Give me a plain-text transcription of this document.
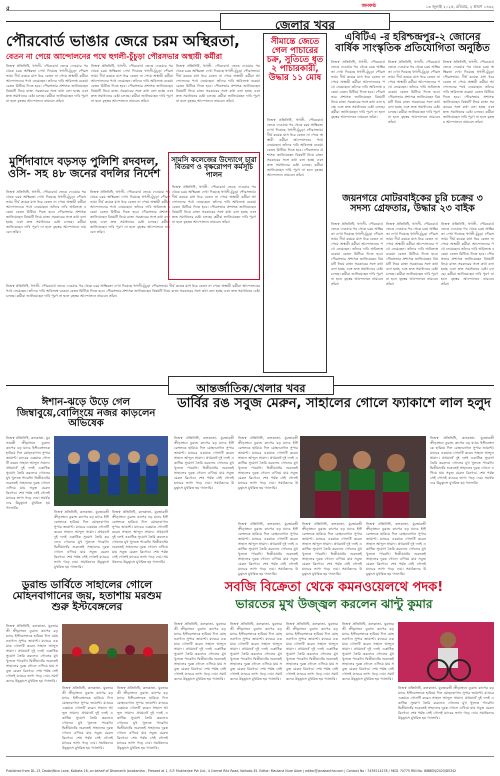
৫	জনকণ্ঠ	১৩ জুলাই ২০২৫, রবিবার, ২ শ্রাবণ ১৪৩২
জেলার খবর
পৌরবোর্ড ভাঙার জেরে চরম অস্থিরতা,
বেতন না পেয়ে আন্দোলনের পথে হুগলী-চুঁচুড়া পৌরসভার অস্থায়ী কর্মীরা
নিজস্ব প্রতিনিধি, হুগলী- পৌরবোর্ড ভেঙে দেওয়ার পর থেকে চরম অস্থিরতা দেখা দিয়েছে হুগলী-চুঁচুড়া পৌরসভায়। দীর্ঘ কয়েক মাস ধরে বেতন না পেয়ে অস্থায়ী কর্মীরা আন্দোলনের পথে নেমেছেন। তাঁদের দাবি অবিলম্বে বকেয়া বেতন মিটিয়ে দিতে হবে। পৌরসভার প্রশাসক জানিয়েছেন বিষয়টি নিয়ে রাজ্য সরকারের সঙ্গে কথা বলা হচ্ছে এবং দ্রুত সমাধানের চেষ্টা চলছে। কর্মীরা জানিয়েছেন দাবি পূরণ না হলে বৃহত্তর আন্দোলনে নামবেন তাঁরা।
নিজস্ব প্রতিনিধি, হুগলী- পৌরবোর্ড ভেঙে দেওয়ার পর থেকে চরম অস্থিরতা দেখা দিয়েছে হুগলী-চুঁচুড়া পৌরসভায়। দীর্ঘ কয়েক মাস ধরে বেতন না পেয়ে অস্থায়ী কর্মীরা আন্দোলনের পথে নেমেছেন। তাঁদের দাবি অবিলম্বে বকেয়া বেতন মিটিয়ে দিতে হবে। পৌরসভার প্রশাসক জানিয়েছেন বিষয়টি নিয়ে রাজ্য সরকারের সঙ্গে কথা বলা হচ্ছে এবং দ্রুত সমাধানের চেষ্টা চলছে। কর্মীরা জানিয়েছেন দাবি পূরণ না হলে বৃহত্তর আন্দোলনে নামবেন তাঁরা।
নিজস্ব প্রতিনিধি, হুগলী- পৌরবোর্ড ভেঙে দেওয়ার পর থেকে চরম অস্থিরতা দেখা দিয়েছে হুগলী-চুঁচুড়া পৌরসভায়। দীর্ঘ কয়েক মাস ধরে বেতন না পেয়ে অস্থায়ী কর্মীরা আন্দোলনের পথে নেমেছেন। তাঁদের দাবি অবিলম্বে বকেয়া বেতন মিটিয়ে দিতে হবে। পৌরসভার প্রশাসক জানিয়েছেন বিষয়টি নিয়ে রাজ্য সরকারের সঙ্গে কথা বলা হচ্ছে এবং দ্রুত সমাধানের চেষ্টা চলছে। কর্মীরা জানিয়েছেন দাবি পূরণ না হলে বৃহত্তর আন্দোলনে নামবেন তাঁরা।
সীমান্তে জেতে গেল পাচারের চক্র, সুতিতে ধৃত ২ পাচারকারী, উদ্ধার ১১ মোষ
নিজস্ব প্রতিনিধি, হুগলী- পৌরবোর্ড ভেঙে দেওয়ার পর থেকে চরম অস্থিরতা দেখা দিয়েছে হুগলী-চুঁচুড়া পৌরসভায়। দীর্ঘ কয়েক মাস ধরে বেতন না পেয়ে অস্থায়ী কর্মীরা আন্দোলনের পথে নেমেছেন। তাঁদের দাবি অবিলম্বে বকেয়া বেতন মিটিয়ে দিতে হবে। পৌরসভার প্রশাসক জানিয়েছেন বিষয়টি নিয়ে রাজ্য সরকারের সঙ্গে কথা বলা হচ্ছে এবং দ্রুত সমাধানের চেষ্টা চলছে। কর্মীরা জানিয়েছেন দাবি পূরণ না হলে বৃহত্তর আন্দোলনে নামবেন তাঁরা।
এবিটিএ -র হরিশ্চন্দ্রপুর-২ জোনের বার্ষিক সাংস্কৃতিক প্রতিযোগিতা অনুষ্ঠিত
নিজস্ব প্রতিনিধি, হুগলী- পৌরবোর্ড ভেঙে দেওয়ার পর থেকে চরম অস্থিরতা দেখা দিয়েছে হুগলী-চুঁচুড়া পৌরসভায়। দীর্ঘ কয়েক মাস ধরে বেতন না পেয়ে অস্থায়ী কর্মীরা আন্দোলনের পথে নেমেছেন। তাঁদের দাবি অবিলম্বে বকেয়া বেতন মিটিয়ে দিতে হবে। পৌরসভার প্রশাসক জানিয়েছেন বিষয়টি নিয়ে রাজ্য সরকারের সঙ্গে কথা বলা হচ্ছে এবং দ্রুত সমাধানের চেষ্টা চলছে। কর্মীরা জানিয়েছেন দাবি পূরণ না হলে বৃহত্তর আন্দোলনে নামবেন তাঁরা।
নিজস্ব প্রতিনিধি, হুগলী- পৌরবোর্ড ভেঙে দেওয়ার পর থেকে চরম অস্থিরতা দেখা দিয়েছে হুগলী-চুঁচুড়া পৌরসভায়। দীর্ঘ কয়েক মাস ধরে বেতন না পেয়ে অস্থায়ী কর্মীরা আন্দোলনের পথে নেমেছেন। তাঁদের দাবি অবিলম্বে বকেয়া বেতন মিটিয়ে দিতে হবে। পৌরসভার প্রশাসক জানিয়েছেন বিষয়টি নিয়ে রাজ্য সরকারের সঙ্গে কথা বলা হচ্ছে এবং দ্রুত সমাধানের চেষ্টা চলছে। কর্মীরা জানিয়েছেন দাবি পূরণ না হলে বৃহত্তর আন্দোলনে নামবেন তাঁরা।
নিজস্ব প্রতিনিধি, হুগলী- পৌরবোর্ড ভেঙে দেওয়ার পর থেকে চরম অস্থিরতা দেখা দিয়েছে হুগলী-চুঁচুড়া পৌরসভায়। দীর্ঘ কয়েক মাস ধরে বেতন না পেয়ে অস্থায়ী কর্মীরা আন্দোলনের পথে নেমেছেন। তাঁদের দাবি অবিলম্বে বকেয়া বেতন মিটিয়ে দিতে হবে। পৌরসভার প্রশাসক জানিয়েছেন বিষয়টি নিয়ে রাজ্য সরকারের সঙ্গে কথা বলা হচ্ছে এবং দ্রুত সমাধানের চেষ্টা চলছে। কর্মীরা জানিয়েছেন দাবি পূরণ না হলে বৃহত্তর আন্দোলনে নামবেন তাঁরা।
মুর্শিদাবাদে বড়সড় পুলিশি রদবদল, ওসি- সহ ৪৮ জনের বদলির নির্দেশ
নিজস্ব প্রতিনিধি, হুগলী- পৌরবোর্ড ভেঙে দেওয়ার পর থেকে চরম অস্থিরতা দেখা দিয়েছে হুগলী-চুঁচুড়া পৌরসভায়। দীর্ঘ কয়েক মাস ধরে বেতন না পেয়ে অস্থায়ী কর্মীরা আন্দোলনের পথে নেমেছেন। তাঁদের দাবি অবিলম্বে বকেয়া বেতন মিটিয়ে দিতে হবে। পৌরসভার প্রশাসক জানিয়েছেন বিষয়টি নিয়ে রাজ্য সরকারের সঙ্গে কথা বলা হচ্ছে এবং দ্রুত সমাধানের চেষ্টা চলছে। কর্মীরা জানিয়েছেন দাবি পূরণ না হলে বৃহত্তর আন্দোলনে নামবেন তাঁরা।
নিজস্ব প্রতিনিধি, হুগলী- পৌরবোর্ড ভেঙে দেওয়ার পর থেকে চরম অস্থিরতা দেখা দিয়েছে হুগলী-চুঁচুড়া পৌরসভায়। দীর্ঘ কয়েক মাস ধরে বেতন না পেয়ে অস্থায়ী কর্মীরা আন্দোলনের পথে নেমেছেন। তাঁদের দাবি অবিলম্বে বকেয়া বেতন মিটিয়ে দিতে হবে। পৌরসভার প্রশাসক জানিয়েছেন বিষয়টি নিয়ে রাজ্য সরকারের সঙ্গে কথা বলা হচ্ছে এবং দ্রুত সমাধানের চেষ্টা চলছে। কর্মীরা জানিয়েছেন দাবি পূরণ না হলে বৃহত্তর আন্দোলনে নামবেন তাঁরা।
সামসি কলেজের উদ্যোগে চারা বিতরণ ও বৃক্ষরোপণ কর্মসূচি পালন
নিজস্ব প্রতিনিধি, হুগলী- পৌরবোর্ড ভেঙে দেওয়ার পর থেকে চরম অস্থিরতা দেখা দিয়েছে হুগলী-চুঁচুড়া পৌরসভায়। দীর্ঘ কয়েক মাস ধরে বেতন না পেয়ে অস্থায়ী কর্মীরা আন্দোলনের পথে নেমেছেন। তাঁদের দাবি অবিলম্বে বকেয়া বেতন মিটিয়ে দিতে হবে। পৌরসভার প্রশাসক জানিয়েছেন বিষয়টি নিয়ে রাজ্য সরকারের সঙ্গে কথা বলা হচ্ছে এবং দ্রুত সমাধানের চেষ্টা চলছে। কর্মীরা জানিয়েছেন দাবি পূরণ না হলে বৃহত্তর আন্দোলনে নামবেন তাঁরা।
জয়নগরে মোটরবাইকের চুরি চক্রের ৩ সদস্য গ্রেফতার, উদ্ধার ২৩ বাইক
নিজস্ব প্রতিনিধি, হুগলী- পৌরবোর্ড ভেঙে দেওয়ার পর থেকে চরম অস্থিরতা দেখা দিয়েছে হুগলী-চুঁচুড়া পৌরসভায়। দীর্ঘ কয়েক মাস ধরে বেতন না পেয়ে অস্থায়ী কর্মীরা আন্দোলনের পথে নেমেছেন। তাঁদের দাবি অবিলম্বে বকেয়া বেতন মিটিয়ে দিতে হবে। পৌরসভার প্রশাসক জানিয়েছেন বিষয়টি নিয়ে রাজ্য সরকারের সঙ্গে কথা বলা হচ্ছে এবং দ্রুত সমাধানের চেষ্টা চলছে। কর্মীরা জানিয়েছেন দাবি পূরণ না হলে বৃহত্তর আন্দোলনে নামবেন তাঁরা।
নিজস্ব প্রতিনিধি, হুগলী- পৌরবোর্ড ভেঙে দেওয়ার পর থেকে চরম অস্থিরতা দেখা দিয়েছে হুগলী-চুঁচুড়া পৌরসভায়। দীর্ঘ কয়েক মাস ধরে বেতন না পেয়ে অস্থায়ী কর্মীরা আন্দোলনের পথে নেমেছেন। তাঁদের দাবি অবিলম্বে বকেয়া বেতন মিটিয়ে দিতে হবে। পৌরসভার প্রশাসক জানিয়েছেন বিষয়টি নিয়ে রাজ্য সরকারের সঙ্গে কথা বলা হচ্ছে এবং দ্রুত সমাধানের চেষ্টা চলছে। কর্মীরা জানিয়েছেন দাবি পূরণ না হলে বৃহত্তর আন্দোলনে নামবেন তাঁরা।
নিজস্ব প্রতিনিধি, হুগলী- পৌরবোর্ড ভেঙে দেওয়ার পর থেকে চরম অস্থিরতা দেখা দিয়েছে হুগলী-চুঁচুড়া পৌরসভায়। দীর্ঘ কয়েক মাস ধরে বেতন না পেয়ে অস্থায়ী কর্মীরা আন্দোলনের পথে নেমেছেন। তাঁদের দাবি অবিলম্বে বকেয়া বেতন মিটিয়ে দিতে হবে। পৌরসভার প্রশাসক জানিয়েছেন বিষয়টি নিয়ে রাজ্য সরকারের সঙ্গে কথা বলা হচ্ছে এবং দ্রুত সমাধানের চেষ্টা চলছে। কর্মীরা জানিয়েছেন দাবি পূরণ না হলে বৃহত্তর আন্দোলনে নামবেন তাঁরা।
নিজস্ব প্রতিনিধি, হুগলী- পৌরবোর্ড ভেঙে দেওয়ার পর থেকে চরম অস্থিরতা দেখা দিয়েছে হুগলী-চুঁচুড়া পৌরসভায়। দীর্ঘ কয়েক মাস ধরে বেতন না পেয়ে অস্থায়ী কর্মীরা আন্দোলনের পথে নেমেছেন। তাঁদের দাবি অবিলম্বে বকেয়া বেতন মিটিয়ে দিতে হবে। পৌরসভার প্রশাসক জানিয়েছেন বিষয়টি নিয়ে রাজ্য সরকারের সঙ্গে কথা বলা হচ্ছে এবং দ্রুত সমাধানের চেষ্টা চলছে। কর্মীরা জানিয়েছেন দাবি পূরণ না হলে বৃহত্তর আন্দোলনে নামবেন তাঁরা।
আন্তর্জাতিক/খেলার খবর
ঈশান-ঝড়ে উড়ে গেল জিম্বাবুয়ে,বোলিংয়ে নজর কাড়লেন অভিষেক
নিজস্ব প্রতিনিধি, কলকাতা- যুবভারতী ক্রীড়াঙ্গনে ডুরান্ড কাপের বড় ম্যাচে ইস্টবেঙ্গলকে হারিয়ে দিল মোহনবাগান সুপার জায়ান্ট। ম্যাচের একমাত্র গোলটি করেন সাহাল আব্দুল সামাদ। প্রথমার্ধে দুই দলই একাধিক সুযোগ তৈরি করলেও গোলের মুখ খুলতে পারেনি। দ্বিতীয়ার্ধের শুরুতেই সাহালের দুরন্ত গোলে এগিয়ে যায় সবুজ মেরুন ব্রিগেড। শেষ পর্যন্ত সেই গোলই ম্যাচের ভাগ্য গড়ে দেয়। সমর্থকদের উচ্ছ্বাসে মুখরিত হয় গ্যালারি।
নিজস্ব প্রতিনিধি, কলকাতা- যুবভারতী ক্রীড়াঙ্গনে ডুরান্ড কাপের বড় ম্যাচে ইস্টবেঙ্গলকে হারিয়ে দিল মোহনবাগান সুপার জায়ান্ট। ম্যাচের একমাত্র গোলটি করেন সাহাল আব্দুল সামাদ। প্রথমার্ধে দুই দলই একাধিক সুযোগ তৈরি করলেও গোলের মুখ খুলতে পারেনি। দ্বিতীয়ার্ধের শুরুতেই সাহালের দুরন্ত গোলে এগিয়ে যায় সবুজ মেরুন ব্রিগেড। শেষ পর্যন্ত সেই গোলই ম্যাচের ভাগ্য গড়ে দেয়। সমর্থকদের উচ্ছ্বাসে মুখরিত হয় গ্যালারি।
নিজস্ব প্রতিনিধি, কলকাতা- যুবভারতী ক্রীড়াঙ্গনে ডুরান্ড কাপের বড় ম্যাচে ইস্টবেঙ্গলকে হারিয়ে দিল মোহনবাগান সুপার জায়ান্ট। ম্যাচের একমাত্র গোলটি করেন সাহাল আব্দুল সামাদ। প্রথমার্ধে দুই দলই একাধিক সুযোগ তৈরি করলেও গোলের মুখ খুলতে পারেনি। দ্বিতীয়ার্ধের শুরুতেই সাহালের দুরন্ত গোলে এগিয়ে যায় সবুজ মেরুন ব্রিগেড। শেষ পর্যন্ত সেই গোলই ম্যাচের ভাগ্য গড়ে দেয়। সমর্থকদের উচ্ছ্বাসে মুখরিত হয় গ্যালারি।
ডার্বির রঙ সবুজ মেরুন, সাহালের গোলে ফ্যাকাশে লাল হলুদ
নিজস্ব প্রতিনিধি, কলকাতা- যুবভারতী ক্রীড়াঙ্গনে ডুরান্ড কাপের বড় ম্যাচে ইস্টবেঙ্গলকে হারিয়ে দিল মোহনবাগান সুপার জায়ান্ট। ম্যাচের একমাত্র গোলটি করেন সাহাল আব্দুল সামাদ। প্রথমার্ধে দুই দলই একাধিক সুযোগ তৈরি করলেও গোলের মুখ খুলতে পারেনি। দ্বিতীয়ার্ধের শুরুতেই সাহালের দুরন্ত গোলে এগিয়ে যায় সবুজ মেরুন ব্রিগেড। শেষ পর্যন্ত সেই গোলই ম্যাচের ভাগ্য গড়ে দেয়। সমর্থকদের উচ্ছ্বাসে মুখরিত হয় গ্যালারি।
নিজস্ব প্রতিনিধি, কলকাতা- যুবভারতী ক্রীড়াঙ্গনে ডুরান্ড কাপের বড় ম্যাচে ইস্টবেঙ্গলকে হারিয়ে দিল মোহনবাগান সুপার জায়ান্ট। ম্যাচের একমাত্র গোলটি করেন সাহাল আব্দুল সামাদ। প্রথমার্ধে দুই দলই একাধিক সুযোগ তৈরি করলেও গোলের মুখ খুলতে পারেনি। দ্বিতীয়ার্ধের শুরুতেই সাহালের দুরন্ত গোলে এগিয়ে যায় সবুজ মেরুন ব্রিগেড। শেষ পর্যন্ত সেই গোলই ম্যাচের ভাগ্য গড়ে দেয়। সমর্থকদের উচ্ছ্বাসে মুখরিত হয় গ্যালারি।
নিজস্ব প্রতিনিধি, কলকাতা- যুবভারতী ক্রীড়াঙ্গনে ডুরান্ড কাপের বড় ম্যাচে ইস্টবেঙ্গলকে হারিয়ে দিল মোহনবাগান সুপার জায়ান্ট। ম্যাচের একমাত্র গোলটি করেন সাহাল আব্দুল সামাদ। প্রথমার্ধে দুই দলই একাধিক সুযোগ তৈরি করলেও গোলের মুখ খুলতে পারেনি। দ্বিতীয়ার্ধের শুরুতেই সাহালের দুরন্ত গোলে এগিয়ে যায় সবুজ মেরুন ব্রিগেড। শেষ পর্যন্ত সেই গোলই ম্যাচের ভাগ্য গড়ে দেয়। সমর্থকদের উচ্ছ্বাসে মুখরিত হয় গ্যালারি।
নিজস্ব প্রতিনিধি, কলকাতা- যুবভারতী ক্রীড়াঙ্গনে ডুরান্ড কাপের বড় ম্যাচে ইস্টবেঙ্গলকে হারিয়ে দিল মোহনবাগান সুপার জায়ান্ট। ম্যাচের একমাত্র গোলটি করেন সাহাল আব্দুল সামাদ। প্রথমার্ধে দুই দলই একাধিক সুযোগ তৈরি করলেও গোলের মুখ খুলতে পারেনি। দ্বিতীয়ার্ধের শুরুতেই সাহালের দুরন্ত গোলে এগিয়ে যায় সবুজ মেরুন ব্রিগেড। শেষ পর্যন্ত সেই গোলই ম্যাচের ভাগ্য গড়ে দেয়। সমর্থকদের উচ্ছ্বাসে মুখরিত হয় গ্যালারি।
নিজস্ব প্রতিনিধি, কলকাতা- যুবভারতী ক্রীড়াঙ্গনে ডুরান্ড কাপের বড় ম্যাচে ইস্টবেঙ্গলকে হারিয়ে দিল মোহনবাগান সুপার জায়ান্ট। ম্যাচের একমাত্র গোলটি করেন সাহাল আব্দুল সামাদ। প্রথমার্ধে দুই দলই একাধিক সুযোগ তৈরি করলেও গোলের মুখ খুলতে পারেনি। দ্বিতীয়ার্ধের শুরুতেই সাহালের দুরন্ত গোলে এগিয়ে যায় সবুজ মেরুন ব্রিগেড। শেষ পর্যন্ত সেই গোলই ম্যাচের ভাগ্য গড়ে দেয়। সমর্থকদের উচ্ছ্বাসে মুখরিত হয় গ্যালারি।
নিজস্ব প্রতিনিধি, কলকাতা- যুবভারতী ক্রীড়াঙ্গনে ডুরান্ড কাপের বড় ম্যাচে ইস্টবেঙ্গলকে হারিয়ে দিল মোহনবাগান সুপার জায়ান্ট। ম্যাচের একমাত্র গোলটি করেন সাহাল আব্দুল সামাদ। প্রথমার্ধে দুই দলই একাধিক সুযোগ তৈরি করলেও গোলের মুখ খুলতে পারেনি। দ্বিতীয়ার্ধের শুরুতেই সাহালের দুরন্ত গোলে এগিয়ে যায় সবুজ মেরুন ব্রিগেড। শেষ পর্যন্ত সেই গোলই ম্যাচের ভাগ্য গড়ে দেয়। সমর্থকদের উচ্ছ্বাসে মুখরিত হয় গ্যালারি।
ডুরান্ড ডার্বিতে সাহালের গোলে মোহনবাগানের জয়, হতাশায় মরশুম শুরু ইস্টবেঙ্গলের
নিজস্ব প্রতিনিধি, কলকাতা- যুবভারতী ক্রীড়াঙ্গনে ডুরান্ড কাপের বড় ম্যাচে ইস্টবেঙ্গলকে হারিয়ে দিল মোহনবাগান সুপার জায়ান্ট। ম্যাচের একমাত্র গোলটি করেন সাহাল আব্দুল সামাদ। প্রথমার্ধে দুই দলই একাধিক সুযোগ তৈরি করলেও গোলের মুখ খুলতে পারেনি। দ্বিতীয়ার্ধের শুরুতেই সাহালের দুরন্ত গোলে এগিয়ে যায় সবুজ মেরুন ব্রিগেড। শেষ পর্যন্ত সেই গোলই ম্যাচের ভাগ্য গড়ে দেয়। সমর্থকদের উচ্ছ্বাসে মুখরিত হয় গ্যালারি।
নিজস্ব প্রতিনিধি, কলকাতা- যুবভারতী ক্রীড়াঙ্গনে ডুরান্ড কাপের বড় ম্যাচে ইস্টবেঙ্গলকে হারিয়ে দিল মোহনবাগান সুপার জায়ান্ট। ম্যাচের একমাত্র গোলটি করেন সাহাল আব্দুল সামাদ। প্রথমার্ধে দুই দলই একাধিক সুযোগ তৈরি করলেও গোলের মুখ খুলতে পারেনি। দ্বিতীয়ার্ধের শুরুতেই সাহালের দুরন্ত গোলে এগিয়ে যায় সবুজ মেরুন ব্রিগেড। শেষ পর্যন্ত সেই গোলই ম্যাচের ভাগ্য গড়ে দেয়। সমর্থকদের উচ্ছ্বাসে মুখরিত হয় গ্যালারি।
নিজস্ব প্রতিনিধি, কলকাতা- যুবভারতী ক্রীড়াঙ্গনে ডুরান্ড কাপের বড় ম্যাচে ইস্টবেঙ্গলকে হারিয়ে দিল মোহনবাগান সুপার জায়ান্ট। ম্যাচের একমাত্র গোলটি করেন সাহাল আব্দুল সামাদ। প্রথমার্ধে দুই দলই একাধিক সুযোগ তৈরি করলেও গোলের মুখ খুলতে পারেনি। দ্বিতীয়ার্ধের শুরুতেই সাহালের দুরন্ত গোলে এগিয়ে যায় সবুজ মেরুন ব্রিগেড। শেষ পর্যন্ত সেই গোলই ম্যাচের ভাগ্য গড়ে দেয়। সমর্থকদের উচ্ছ্বাসে মুখরিত হয় গ্যালারি।
সবজি বিক্রেতা থেকে কমনওয়েলথে পদক!
ভারতের মুখ উজ্জ্বল করলেন ঝান্টু কুমার
নিজস্ব প্রতিনিধি, কলকাতা- যুবভারতী ক্রীড়াঙ্গনে ডুরান্ড কাপের বড় ম্যাচে ইস্টবেঙ্গলকে হারিয়ে দিল মোহনবাগান সুপার জায়ান্ট। ম্যাচের একমাত্র গোলটি করেন সাহাল আব্দুল সামাদ। প্রথমার্ধে দুই দলই একাধিক সুযোগ তৈরি করলেও গোলের মুখ খুলতে পারেনি। দ্বিতীয়ার্ধের শুরুতেই সাহালের দুরন্ত গোলে এগিয়ে যায় সবুজ মেরুন ব্রিগেড। শেষ পর্যন্ত সেই গোলই ম্যাচের ভাগ্য গড়ে দেয়। সমর্থকদের উচ্ছ্বাসে মুখরিত হয় গ্যালারি।
নিজস্ব প্রতিনিধি, কলকাতা- যুবভারতী ক্রীড়াঙ্গনে ডুরান্ড কাপের বড় ম্যাচে ইস্টবেঙ্গলকে হারিয়ে দিল মোহনবাগান সুপার জায়ান্ট। ম্যাচের একমাত্র গোলটি করেন সাহাল আব্দুল সামাদ। প্রথমার্ধে দুই দলই একাধিক সুযোগ তৈরি করলেও গোলের মুখ খুলতে পারেনি। দ্বিতীয়ার্ধের শুরুতেই সাহালের দুরন্ত গোলে এগিয়ে যায় সবুজ মেরুন ব্রিগেড। শেষ পর্যন্ত সেই গোলই ম্যাচের ভাগ্য গড়ে দেয়। সমর্থকদের উচ্ছ্বাসে মুখরিত হয় গ্যালারি।
নিজস্ব প্রতিনিধি, কলকাতা- যুবভারতী ক্রীড়াঙ্গনে ডুরান্ড কাপের বড় ম্যাচে ইস্টবেঙ্গলকে হারিয়ে দিল মোহনবাগান সুপার জায়ান্ট। ম্যাচের একমাত্র গোলটি করেন সাহাল আব্দুল সামাদ। প্রথমার্ধে দুই দলই একাধিক সুযোগ তৈরি করলেও গোলের মুখ খুলতে পারেনি। দ্বিতীয়ার্ধের শুরুতেই সাহালের দুরন্ত গোলে এগিয়ে যায় সবুজ মেরুন ব্রিগেড। শেষ পর্যন্ত সেই গোলই ম্যাচের ভাগ্য গড়ে দেয়। সমর্থকদের উচ্ছ্বাসে মুখরিত হয় গ্যালারি।
নিজস্ব প্রতিনিধি, কলকাতা- যুবভারতী ক্রীড়াঙ্গনে ডুরান্ড কাপের বড় ম্যাচে ইস্টবেঙ্গলকে হারিয়ে দিল মোহনবাগান সুপার জায়ান্ট। ম্যাচের একমাত্র গোলটি করেন সাহাল আব্দুল সামাদ। প্রথমার্ধে দুই দলই একাধিক সুযোগ তৈরি করলেও গোলের মুখ খুলতে পারেনি। দ্বিতীয়ার্ধের শুরুতেই সাহালের দুরন্ত গোলে এগিয়ে যায় সবুজ মেরুন ব্রিগেড। শেষ পর্যন্ত সেই গোলই ম্যাচের ভাগ্য গড়ে দেয়। সমর্থকদের উচ্ছ্বাসে মুখরিত হয় গ্যালারি।
নিজস্ব প্রতিনিধি, কলকাতা- যুবভারতী ক্রীড়াঙ্গনে ডুরান্ড কাপের বড় ম্যাচে ইস্টবেঙ্গলকে হারিয়ে দিল মোহনবাগান সুপার জায়ান্ট। ম্যাচের একমাত্র গোলটি করেন সাহাল আব্দুল সামাদ। প্রথমার্ধে দুই দলই একাধিক সুযোগ তৈরি করলেও গোলের মুখ খুলতে পারেনি। দ্বিতীয়ার্ধের শুরুতেই সাহালের দুরন্ত গোলে এগিয়ে যায় সবুজ মেরুন ব্রিগেড। শেষ পর্যন্ত সেই গোলই ম্যাচের ভাগ্য গড়ে দেয়। সমর্থকদের উচ্ছ্বাসে মুখরিত হয় গ্যালারি।
Published from DL-13, Dadar/Nice Lane, Kolkata-16, on behalf of Dhamanik Janakantha , Pressed at 1, S.P. Mukherjee Pvt Ltd., 4 Carmel Ritz Road, Kolkata-35. Editor: Maulana Nure Alam | editor@janakantha.com | Contact No : 7439214278 / 9831 70775 RNI No. WBBEN/2025/85342
